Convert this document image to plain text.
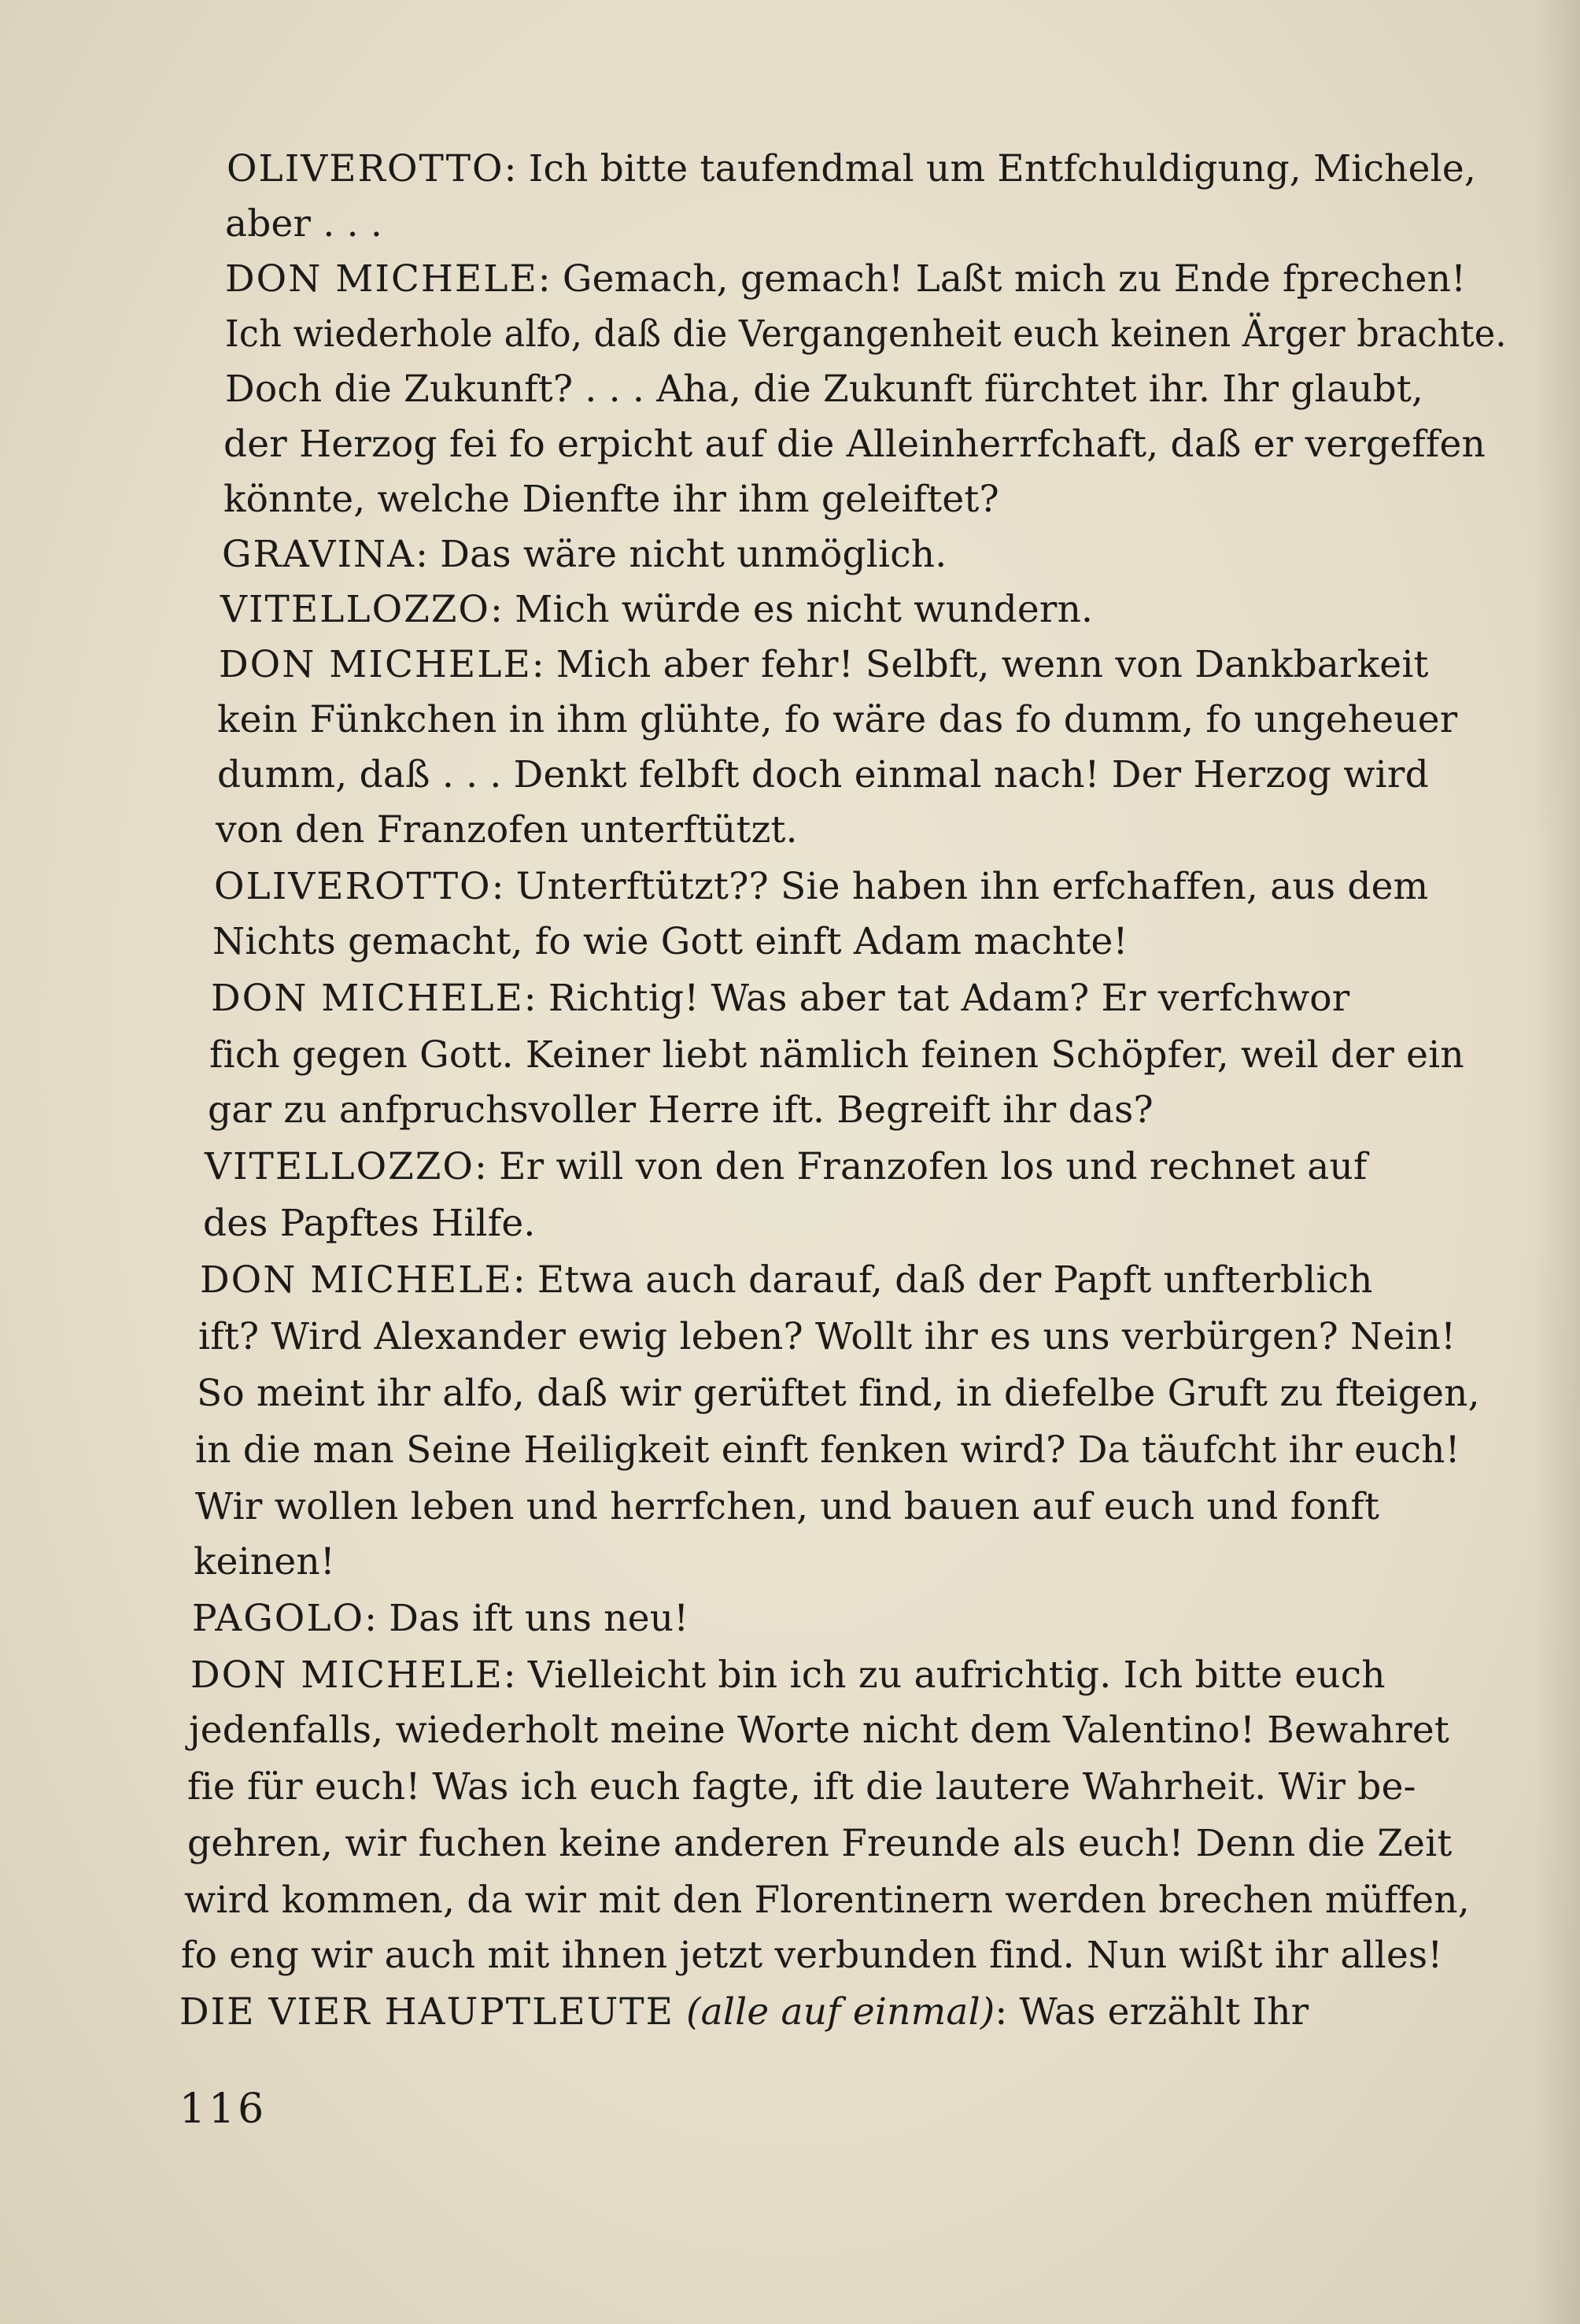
OLIVEROTTO: Ich bitte taufendmal um Entfchuldigung, Michele,

aber . . .

DON MICHELE: Gemach, gemach! Laßt mich zu Ende fprechen!

Ich wiederhole alfo, daß die Vergangenheit euch keinen Ärger brachte.

Doch die Zukunft? . . . Aha, die Zukunft fürchtet ihr. Ihr glaubt,

der Herzog fei fo erpicht auf die Alleinherrfchaft, daß er vergeffen

könnte, welche Dienfte ihr ihm geleiftet?

GRAVINA: Das wäre nicht unmöglich.

VITELLOZZO: Mich würde es nicht wundern.

DON MICHELE: Mich aber fehr! Selbft, wenn von Dankbarkeit

kein Fünkchen in ihm glühte, fo wäre das fo dumm, fo ungeheuer

dumm, daß . . . Denkt felbft doch einmal nach! Der Herzog wird

von den Franzofen unterftützt.

OLIVEROTTO: Unterftützt?? Sie haben ihn erfchaffen, aus dem

Nichts gemacht, fo wie Gott einft Adam machte!

DON MICHELE: Richtig! Was aber tat Adam? Er verfchwor

fich gegen Gott. Keiner liebt nämlich feinen Schöpfer, weil der ein

gar zu anfpruchsvoller Herre ift. Begreift ihr das?

VITELLOZZO: Er will von den Franzofen los und rechnet auf

des Papftes Hilfe.

DON MICHELE: Etwa auch darauf, daß der Papft unfterblich

ift? Wird Alexander ewig leben? Wollt ihr es uns verbürgen? Nein!

So meint ihr alfo, daß wir gerüftet find, in diefelbe Gruft zu fteigen,

in die man Seine Heiligkeit einft fenken wird? Da täufcht ihr euch!

Wir wollen leben und herrfchen, und bauen auf euch und fonft

keinen!

PAGOLO: Das ift uns neu!

DON MICHELE: Vielleicht bin ich zu aufrichtig. Ich bitte euch

jedenfalls, wiederholt meine Worte nicht dem Valentino! Bewahret

fie für euch! Was ich euch fagte, ift die lautere Wahrheit. Wir be-

gehren, wir fuchen keine anderen Freunde als euch! Denn die Zeit

wird kommen, da wir mit den Florentinern werden brechen müffen,

fo eng wir auch mit ihnen jetzt verbunden find. Nun wißt ihr alles!

DIE VIER HAUPTLEUTE (alle auf einmal): Was erzählt Ihr

116
